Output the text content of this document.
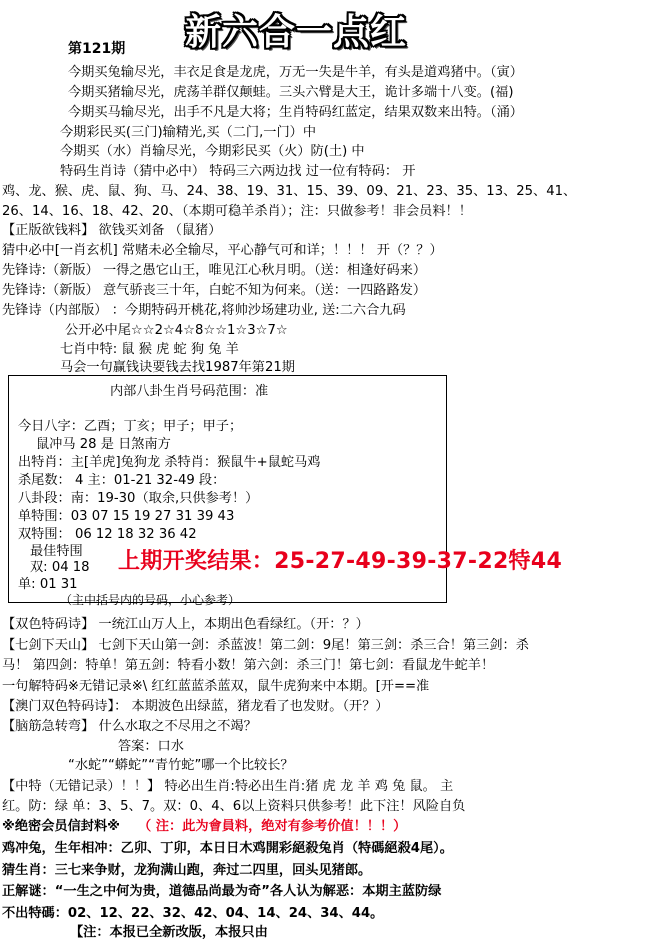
新六合一点红
第121期
今期买兔输尽光，丰衣足食是龙虎，万无一失是牛羊，有头是道鸡猪中。（寅）
今期买猪输尽光，虎荡羊群仅颠蛙。三头六臂是大王，诡计多端十八变。(福)
今期买马输尽光，出手不凡是大将；生肖特码红蓝定，结果双数来出特。（涌）
今期彩民买(三门)输精光,买（二门,一门）中
今期买（水）肖输尽光，今期彩民买（火）防(土) 中
特码生肖诗（猜中必中） 特码三六两边找 过一位有特码： 开
鸡、龙、猴、虎、鼠、狗、马、24、38、19、31、15、39、09、21、23、35、13、25、41、
26、14、16、18、42、20、（本期可稳羊杀肖）；注：只做参考！非会员料！！
【正版欲钱料】 欲钱买刘备 （鼠猪）
猜中必中[一肖玄机] 常赌未必全输尽，平心静气可和详；！！！ 开（？？）
先锋诗:（新版） 一得之愚它山王，唯见江心秋月明。（送：相逢好码来）
先锋诗:（新版） 意气骄丧三十年，白蛇不知为何来。（送：一四路路发）
先锋诗（内部版） ：今期特码开桃花,将帅沙场建功业, 送:二六合九码
公开必中尾☆☆2☆4☆8☆☆1☆3☆7☆
七肖中特: 鼠 猴 虎 蛇 狗 兔 羊
马会一句赢钱诀要钱去找1987年第21期
内部八卦生肖号码范围：准
今日八字：乙酉；丁亥；甲子；甲子；
鼠冲马 28 是 日煞南方
出特肖：主[羊虎]兔狗龙 杀特肖：猴鼠牛+鼠蛇马鸡
杀尾数： 4 主：01-21 32-49 段：
八卦段：南：19-30（取余,只供参考！）
单特围：03 07 15 19 27 31 39 43
双特围： 06 12 18 32 36 42
最佳特围
双: 04 18
单: 01 31
（主中括号内的号码，小心参考）
上期开奖结果：25-27-49-39-37-22特44
【双色特码诗】 一统江山万人上，本期出色看绿红。（开：？）
【七剑下天山】 七剑下天山第一剑：杀蓝波！第二剑：9尾！第三剑：杀三合！第三剑：杀
马！ 第四剑：特单！第五剑：特看小数！第六剑：杀三门！第七剑：看鼠龙牛蛇羊！
一句解特码※无错记录※\ 红红蓝蓝杀蓝双，鼠牛虎狗来中本期。[开==准
【澳门双色特码诗】： 本期波色出绿蓝，猪龙看了也发财。（开？）
【脑筋急转弯】 什么水取之不尽用之不竭？
答案：口水
“水蛇”“蟒蛇”“青竹蛇”哪一个比较长？
【中特（无错记录）！！】 特必出生肖:特必出生肖:猪 虎 龙 羊 鸡 兔 鼠。 主
红。防：绿 单：3、5、7。双：0、4、6以上资料只供参考！此下注！风险自负
※绝密会员信封料※ （ 注：此为會員料，绝对有参考价值！！！）
鸡冲兔，生年相冲：乙卯、丁卯，本日日木鸡開彩絕殺兔肖（特碼絕殺4尾）。
猜生肖：三七来争财，龙狗满山跑，奔过二四里，回头见猪郎。
正解谜：“一生之中何为贵，道德品尚最为奇”各人认为解恶：本期主蓝防绿
不出特碼：02、12、22、32、42、04、14、24、34、44。
【注：本报已全新改版，本报只由
